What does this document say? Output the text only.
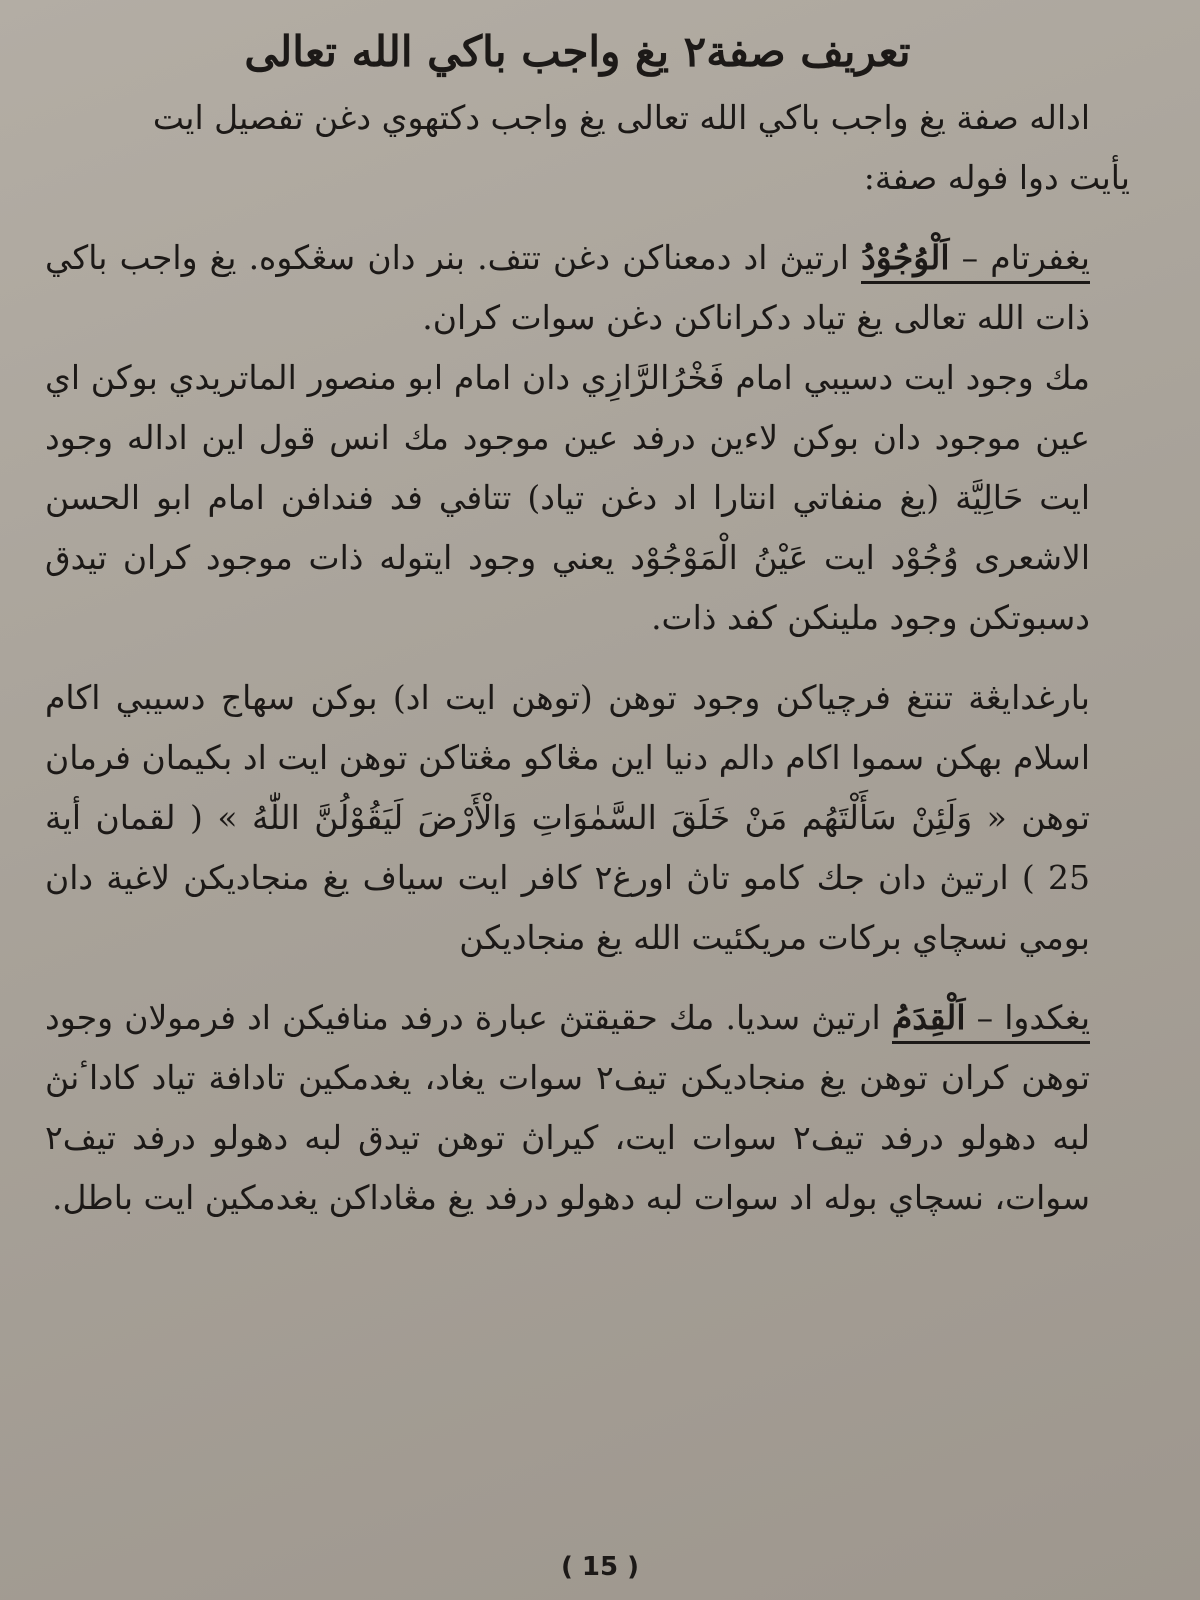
تعريف صفة٢ يغ واجب باكي الله تعالى

اداله صفة يغ واجب باكي الله تعالى يغ واجب دكتهوي دغن تفصيل ايت

يأيت دوا فوله صفة:

يغفرتام – اَلْوُجُوْدُ ارتيڽ اد دمعناكن دغن تتف. بنر دان سڠكوه. يغ واجب باكي ذات الله تعالى يغ تياد دكراناكن دغن سوات كران.

مك وجود ايت دسيبي امام فَخْرُالرَّازِي دان امام ابو منصور الماتريدي بوكن اي عين موجود دان بوكن لاءين درفد عين موجود مك انس قول اين اداله وجود ايت حَالِيَّة (يغ منفاتي انتارا اد دغن تياد) تتافي فد فندافن امام ابو الحسن الاشعرى وُجُوْد ايت عَيْنُ الْمَوْجُوْد يعني وجود ايتوله ذات موجود كران تيدق دسبوتكن وجود ملينكن كفد ذات.

بارغدايڠة تنتغ فرچياكن وجود توهن (توهن ايت اد) بوكن سهاج دسيبي اكام اسلام بهكن سموا اكام دالم دنيا اين مڠاكو مڠتاكن توهن ايت اد بكيمان فرمان توهن « وَلَئِنْ سَأَلْتَهُم مَنْ خَلَقَ السَّمٰوَاتِ وَالْأَرْضَ لَيَقُوْلُنَّ اللّٰهُ » ( لقمان أية 25 ) ارتيڽ دان جك كامو تاڽ اورغ٢ كافر ايت سياف يغ منجاديكن لاغية دان بومي نسچاي بركات مريكئيت الله يغ منجاديكن

يغكدوا – اَلْقِدَمُ ارتيڽ سديا. مك حقيقتڽ عبارة درفد منافيكن اد فرمولان وجود توهن كران توهن يغ منجاديكن تيف٢ سوات يغاد، يغدمكين تادافة تياد كاداٴنڽ لبه دهولو درفد تيف٢ سوات ايت، كيراڽ توهن تيدق لبه دهولو درفد تيف٢ سوات، نسچاي بوله اد سوات لبه دهولو درفد يغ مڠاداكن يغدمكين ايت باطل.

( 15 )
